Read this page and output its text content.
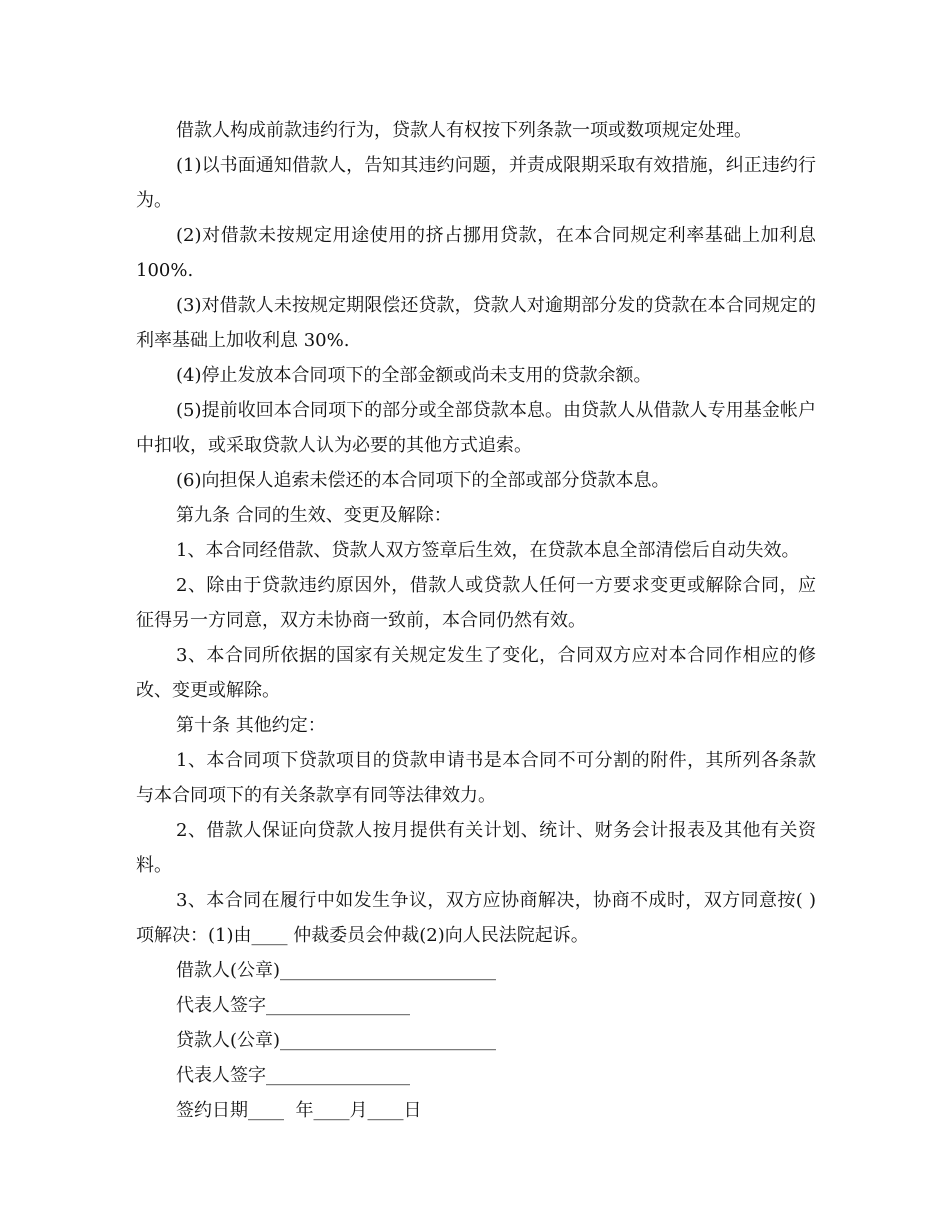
借款人构成前款违约行为，贷款人有权按下列条款一项或数项规定处理。

(1)以书面通知借款人，告知其违约问题，并责成限期采取有效措施，纠正违约行为。

(2)对借款未按规定用途使用的挤占挪用贷款，在本合同规定利率基础上加利息 100%.

(3)对借款人未按规定期限偿还贷款，贷款人对逾期部分发的贷款在本合同规定的利率基础上加收利息 30%.

(4)停止发放本合同项下的全部金额或尚未支用的贷款余额。

(5)提前收回本合同项下的部分或全部贷款本息。由贷款人从借款人专用基金帐户中扣收，或采取贷款人认为必要的其他方式追索。

(6)向担保人追索未偿还的本合同项下的全部或部分贷款本息。

第九条 合同的生效、变更及解除：

1、本合同经借款、贷款人双方签章后生效，在贷款本息全部清偿后自动失效。

2、除由于贷款违约原因外，借款人或贷款人任何一方要求变更或解除合同，应征得另一方同意，双方未协商一致前，本合同仍然有效。

3、本合同所依据的国家有关规定发生了变化，合同双方应对本合同作相应的修改、变更或解除。

第十条 其他约定：

1、本合同项下贷款项目的贷款申请书是本合同不可分割的附件，其所列各条款与本合同项下的有关条款享有同等法律效力。

2、借款人保证向贷款人按月提供有关计划、统计、财务会计报表及其他有关资料。

3、本合同在履行中如发生争议，双方应协商解决，协商不成时，双方同意按( )项解决：(1)由____ 仲裁委员会仲裁(2)向人民法院起诉。

借款人(公章)________________________
代表人签字________________
贷款人(公章)________________________
代表人签字________________
签约日期____  年____月____日
